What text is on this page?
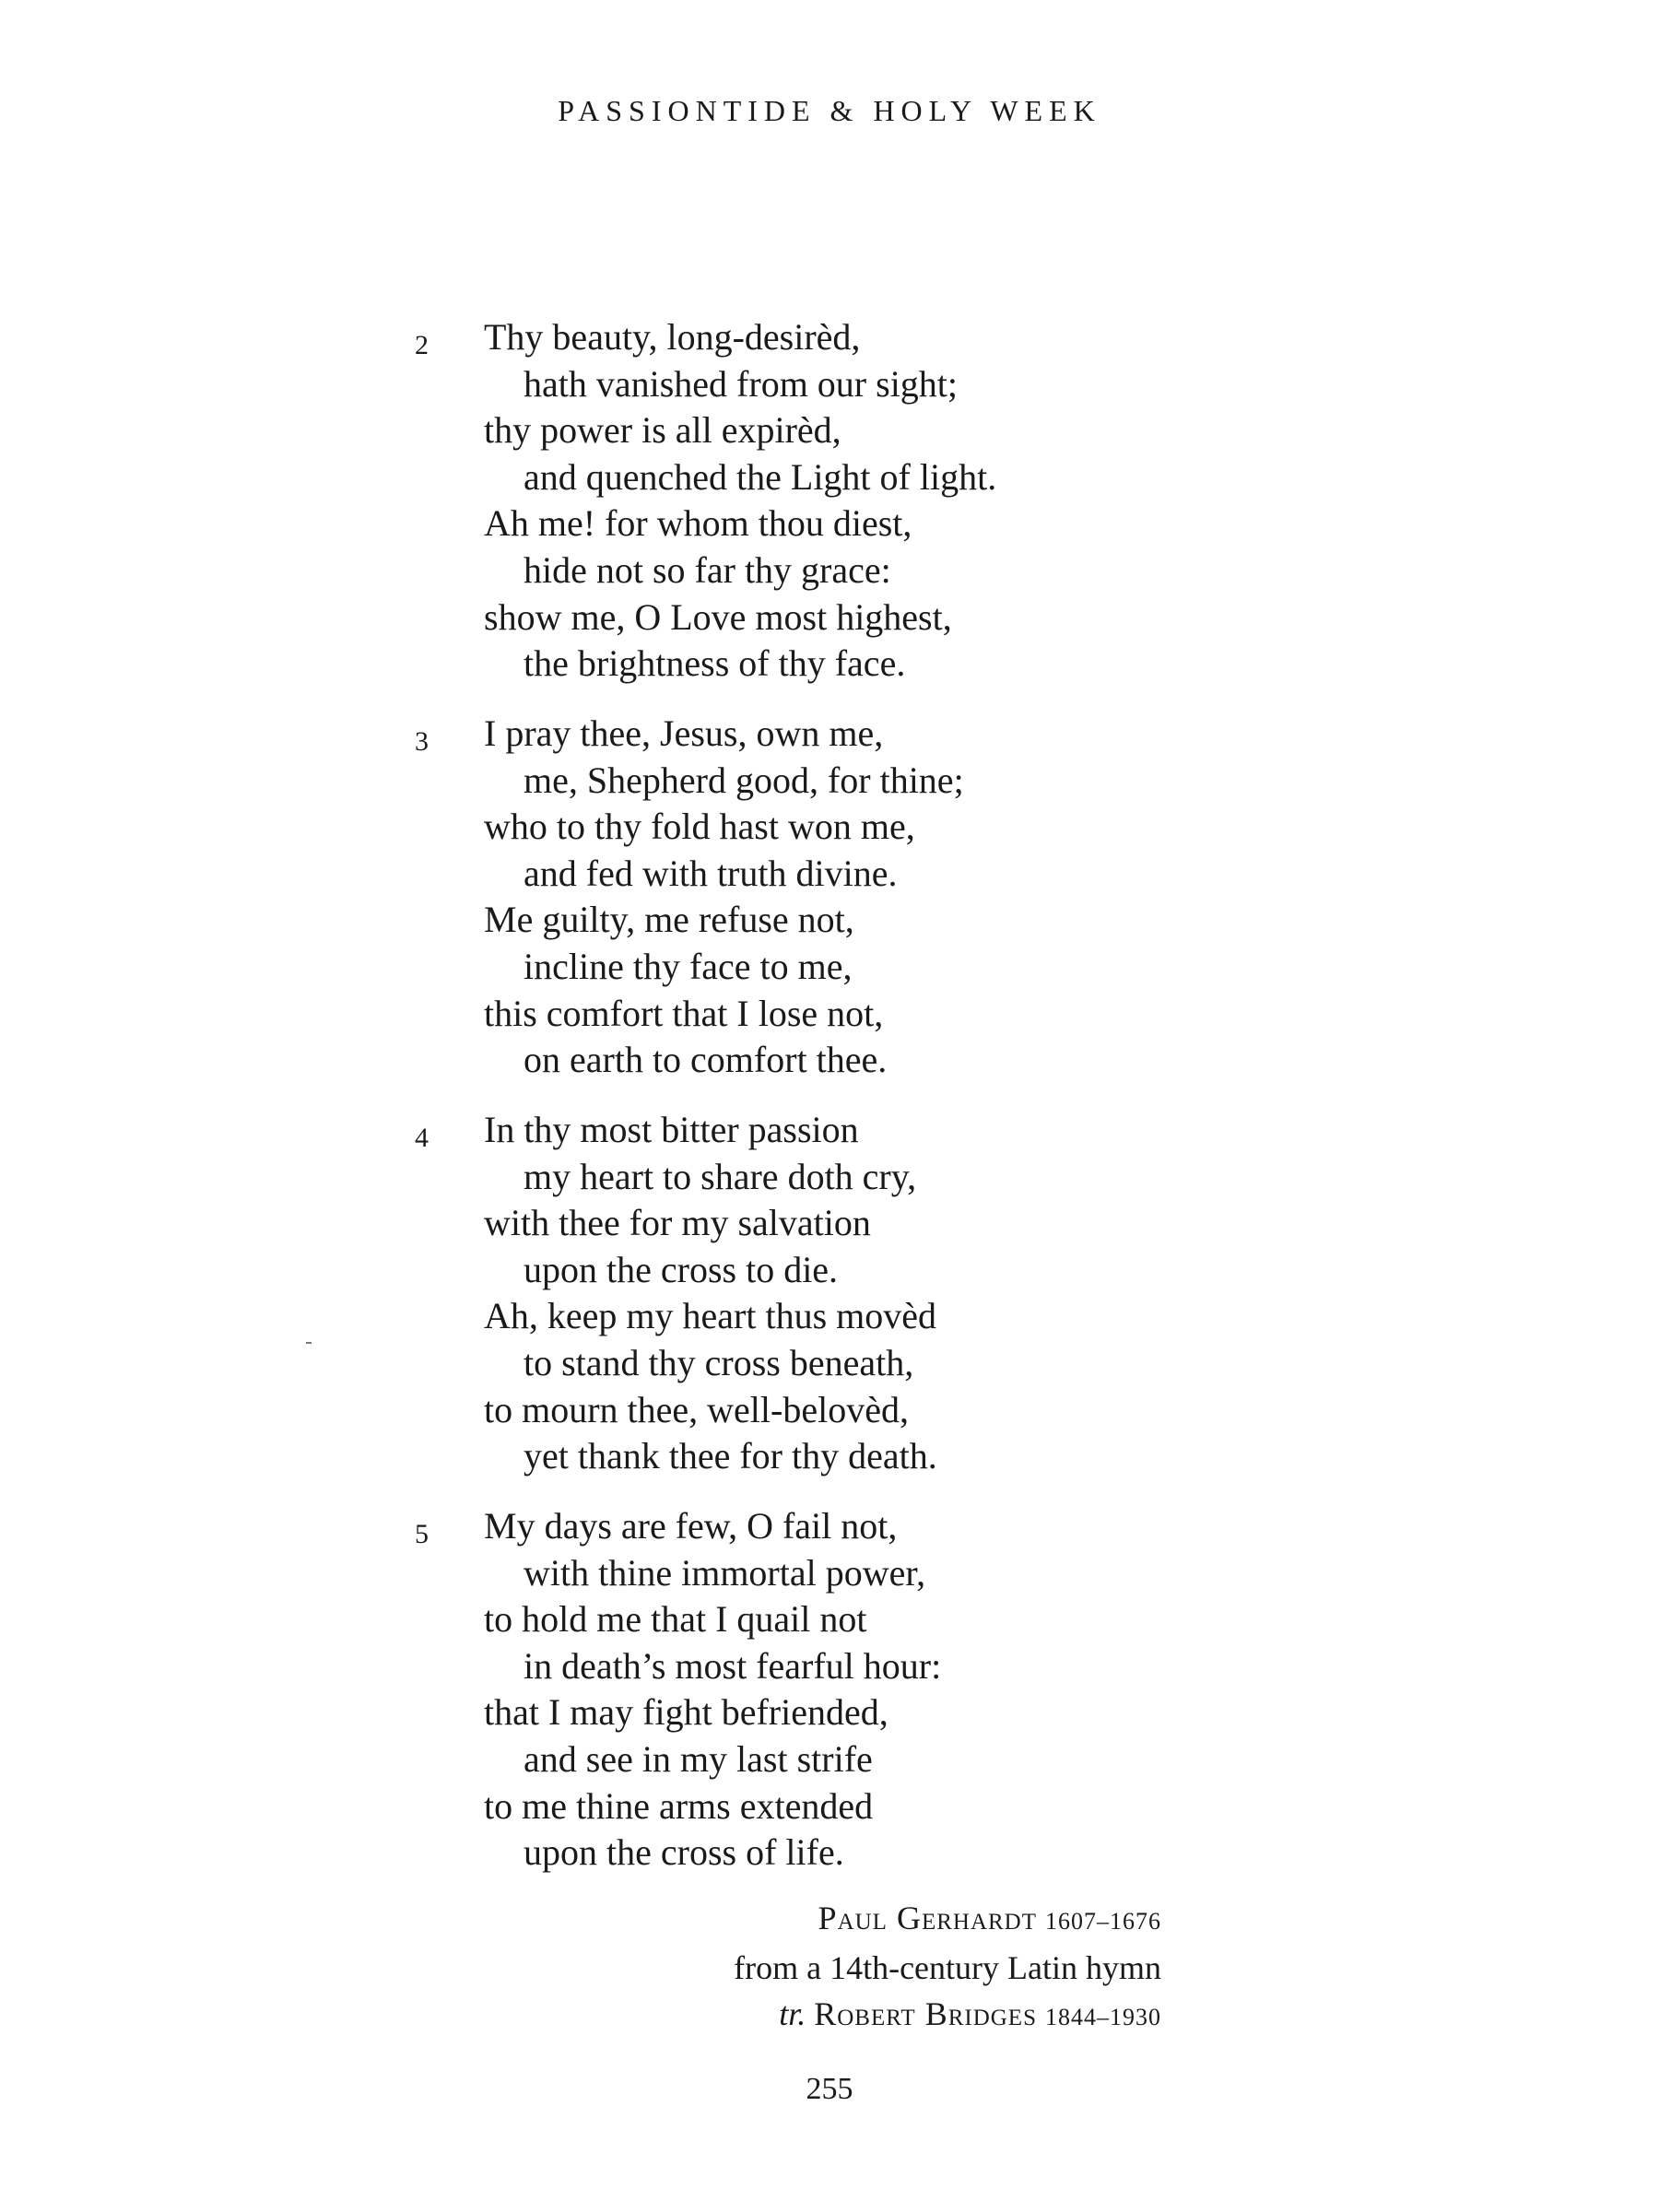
PASSIONTIDE & HOLY WEEK
2 Thy beauty, long-desirèd,
hath vanished from our sight;
thy power is all expirèd,
and quenched the Light of light.
Ah me! for whom thou diest,
hide not so far thy grace:
show me, O Love most highest,
the brightness of thy face.
3 I pray thee, Jesus, own me,
me, Shepherd good, for thine;
who to thy fold hast won me,
and fed with truth divine.
Me guilty, me refuse not,
incline thy face to me,
this comfort that I lose not,
on earth to comfort thee.
4 In thy most bitter passion
my heart to share doth cry,
with thee for my salvation
upon the cross to die.
Ah, keep my heart thus movèd
to stand thy cross beneath,
to mourn thee, well-belovèd,
yet thank thee for thy death.
5 My days are few, O fail not,
with thine immortal power,
to hold me that I quail not
in death’s most fearful hour:
that I may fight befriended,
and see in my last strife
to me thine arms extended
upon the cross of life.
Paul Gerhardt 1607–1676
from a 14th-century Latin hymn
tr. Robert Bridges 1844–1930
255
